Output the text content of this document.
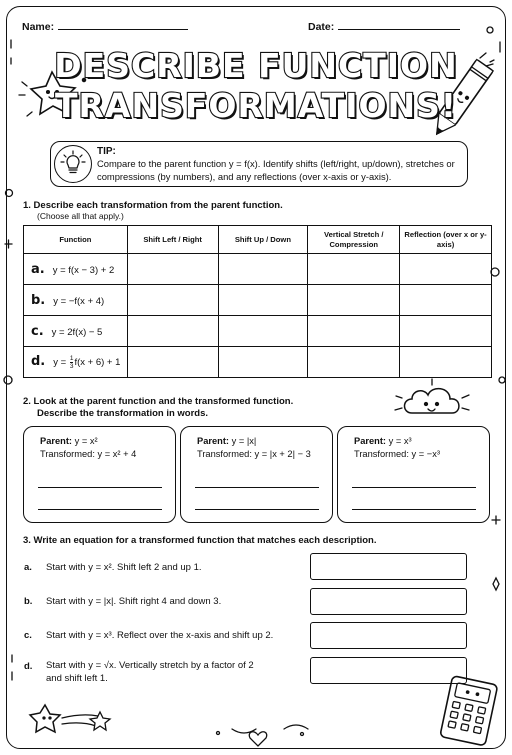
Name:	Date:
DESCRIBE FUNCTION
TRANSFORMATIONS!
TIP:
Compare to the parent function y = f(x). Identify shifts (left/right, up/down), stretches or compressions (by numbers), and any reflections (over x-axis or y-axis).
1. Describe each transformation from the parent function.
(Choose all that apply.)
Function	Shift Left / Right	Shift Up / Down	Vertical Stretch / Compression	Reflection (over x or y-axis)
a. y = f(x − 3) + 2				
b. y = −f(x + 4)				
c. y = 2f(x) − 5				
d. $y = \frac{1}{3} f(x + 6) + 1$				
2. Look at the parent function and the transformed function.
Describe the transformation in words.
Parent: y = x²
Transformed: y = x² + 4
Parent: y = |x|
Transformed: y = |x + 2| − 3
Parent: y = x³
Transformed: y = −x³
3. Write an equation for a transformed function that matches each description.
a. Start with y = x². Shift left 2 and up 1.
b. Start with y = |x|. Shift right 4 and down 3.
c. Start with y = x³. Reflect over the x-axis and shift up 2.
d. Start with y = √x. Vertically stretch by a factor of 2
and shift left 1.
